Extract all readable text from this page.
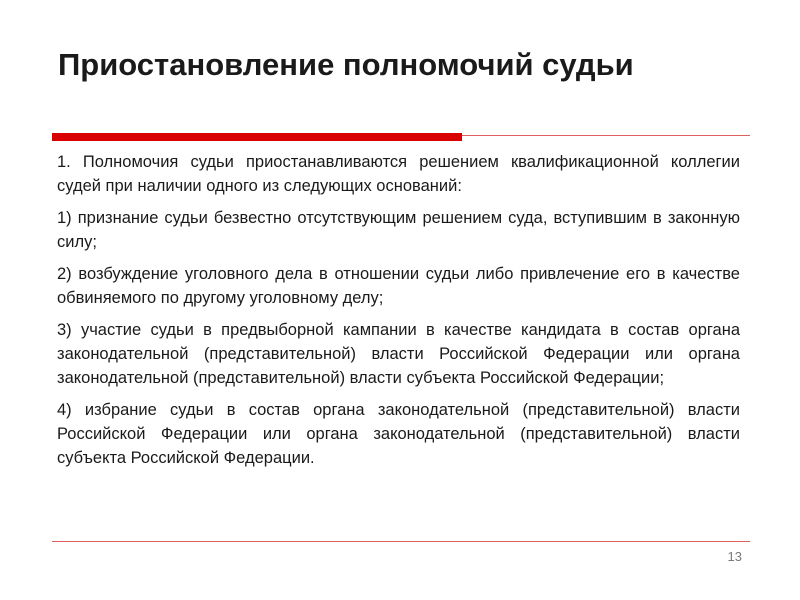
Приостановление полномочий судьи

1. Полномочия судьи приостанавливаются решением квалификационной коллегии судей при наличии одного из следующих оснований:

1) признание судьи безвестно отсутствующим решением суда, вступившим в законную силу;

2) возбуждение уголовного дела в отношении судьи либо привлечение его в качестве обвиняемого по другому уголовному делу;

3) участие судьи в предвыборной кампании в качестве кандидата в состав органа законодательной (представительной) власти Российской Федерации или органа законодательной (представительной) власти субъекта Российской Федерации;

4) избрание судьи в состав органа законодательной (представительной) власти Российской Федерации или органа законодательной (представительной) власти субъекта Российской Федерации.

13
